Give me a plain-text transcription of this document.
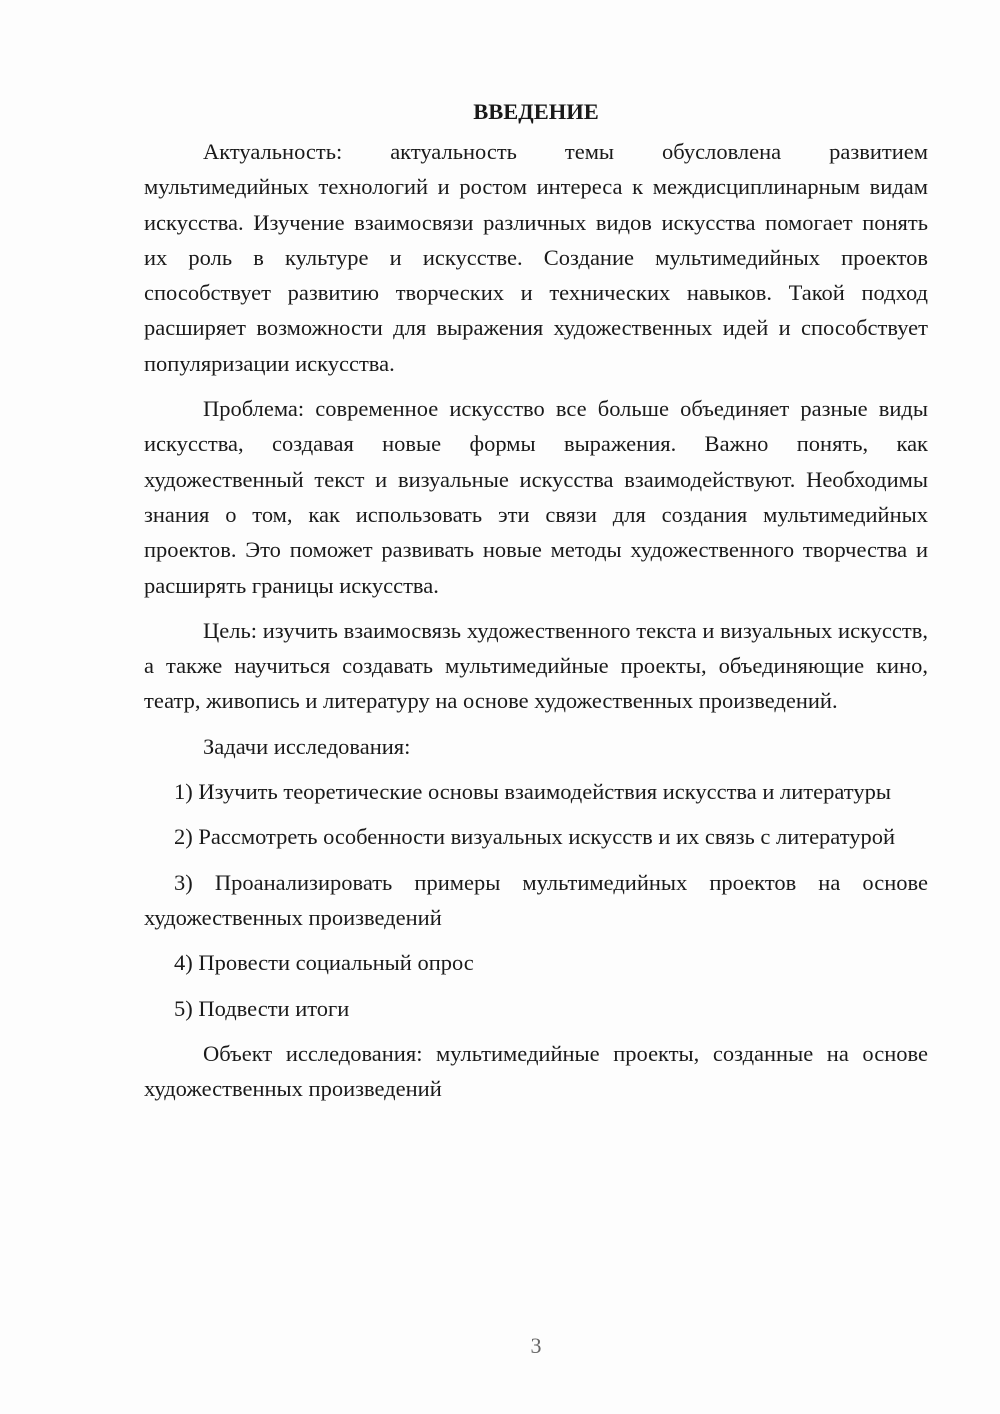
ВВЕДЕНИЕ

Актуальность: актуальность темы обусловлена развитием мультимедийных технологий и ростом интереса к междисциплинарным видам искусства. Изучение взаимосвязи различных видов искусства помогает понять их роль в культуре и искусстве. Создание мультимедийных проектов способствует развитию творческих и технических навыков. Такой подход расширяет возможности для выражения художественных идей и способствует популяризации искусства.

Проблема: современное искусство все больше объединяет разные виды искусства, создавая новые формы выражения. Важно понять, как художественный текст и визуальные искусства взаимодействуют. Необходимы знания о том, как использовать эти связи для создания мультимедийных проектов. Это поможет развивать новые методы художественного творчества и расширять границы искусства.

Цель: изучить взаимосвязь художественного текста и визуальных искусств, а также научиться создавать мультимедийные проекты, объединяющие кино, театр, живопись и литературу на основе художественных произведений.

Задачи исследования:

1) Изучить теоретические основы взаимодействия искусства и литературы

2) Рассмотреть особенности визуальных искусств и их связь с литературой

3) Проанализировать примеры мультимедийных проектов на основе художественных произведений

4) Провести социальный опрос

5) Подвести итоги

Объект исследования: мультимедийные проекты, созданные на основе художественных произведений

3
